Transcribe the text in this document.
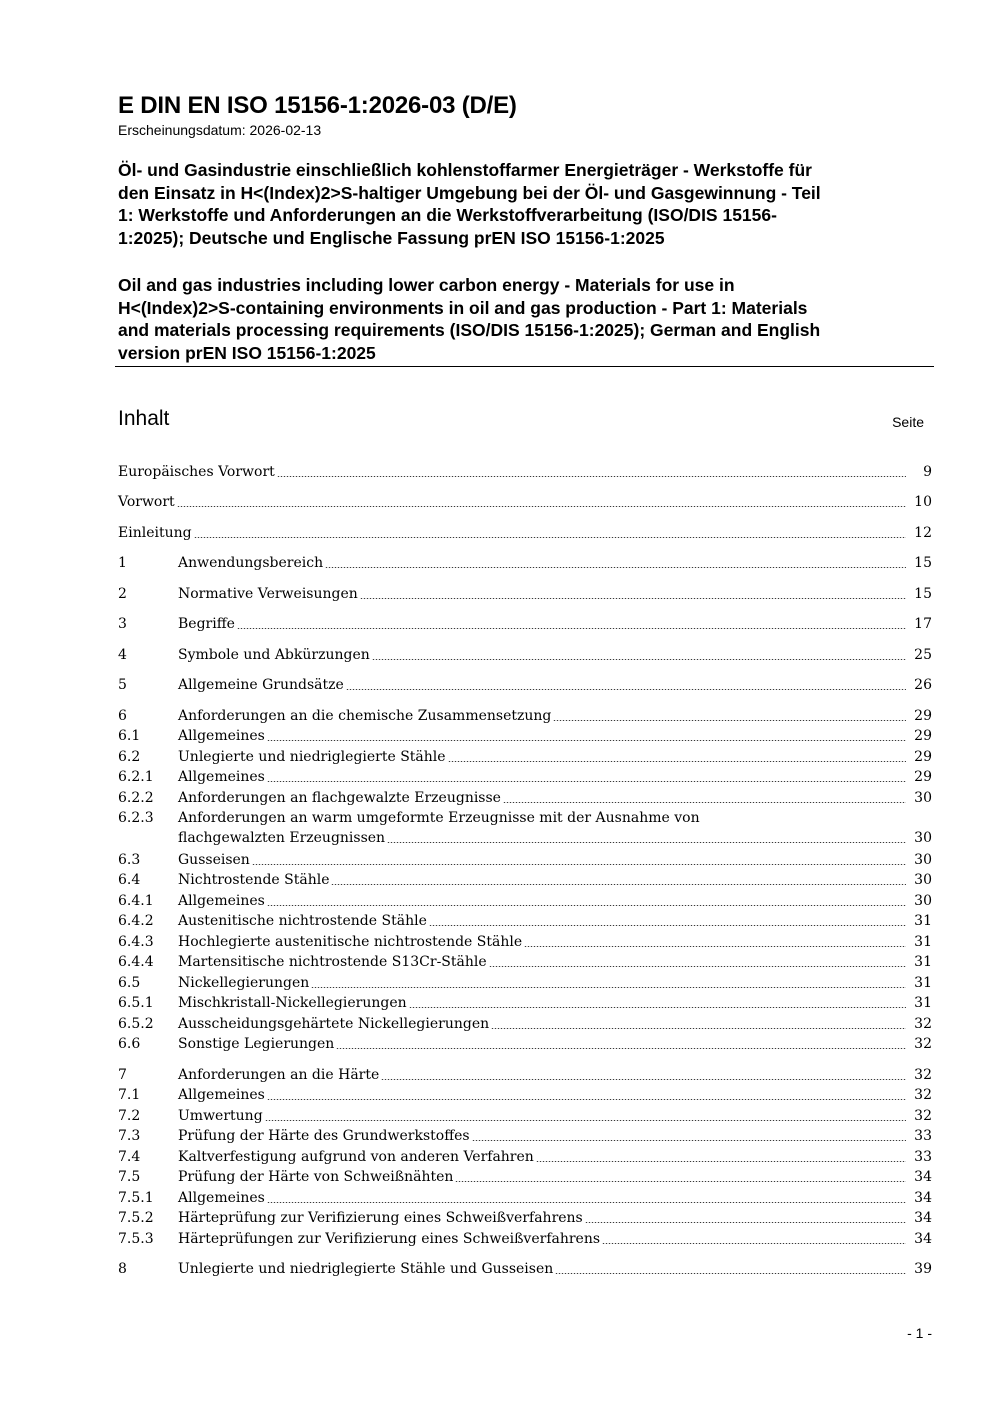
E DIN EN ISO 15156-1:2026-03 (D/E)
Erscheinungsdatum: 2026-02-13
Öl- und Gasindustrie einschließlich kohlenstoffarmer Energieträger - Werkstoffe für
den Einsatz in H<(Index)2>S-haltiger Umgebung bei der Öl- und Gasgewinnung - Teil
1: Werkstoffe und Anforderungen an die Werkstoffverarbeitung (ISO/DIS 15156-
1:2025); Deutsche und Englische Fassung prEN ISO 15156-1:2025
Oil and gas industries including lower carbon energy - Materials for use in
H<(Index)2>S-containing environments in oil and gas production - Part 1: Materials
and materials processing requirements (ISO/DIS 15156-1:2025); German and English
version prEN ISO 15156-1:2025
Inhalt	Seite
Europäisches Vorwort	9
Vorwort	10
Einleitung	12
1	Anwendungsbereich	15
2	Normative Verweisungen	15
3	Begriffe	17
4	Symbole und Abkürzungen	25
5	Allgemeine Grundsätze	26
6	Anforderungen an die chemische Zusammensetzung	29
6.1	Allgemeines	29
6.2	Unlegierte und niedriglegierte Stähle	29
6.2.1	Allgemeines	29
6.2.2	Anforderungen an flachgewalzte Erzeugnisse	30
6.2.3	Anforderungen an warm umgeformte Erzeugnisse mit der Ausnahme von
flachgewalzten Erzeugnissen	30
6.3	Gusseisen	30
6.4	Nichtrostende Stähle	30
6.4.1	Allgemeines	30
6.4.2	Austenitische nichtrostende Stähle	31
6.4.3	Hochlegierte austenitische nichtrostende Stähle	31
6.4.4	Martensitische nichtrostende S13Cr-Stähle	31
6.5	Nickellegierungen	31
6.5.1	Mischkristall-Nickellegierungen	31
6.5.2	Ausscheidungsgehärtete Nickellegierungen	32
6.6	Sonstige Legierungen	32
7	Anforderungen an die Härte	32
7.1	Allgemeines	32
7.2	Umwertung	32
7.3	Prüfung der Härte des Grundwerkstoffes	33
7.4	Kaltverfestigung aufgrund von anderen Verfahren	33
7.5	Prüfung der Härte von Schweißnähten	34
7.5.1	Allgemeines	34
7.5.2	Härteprüfung zur Verifizierung eines Schweißverfahrens	34
7.5.3	Härteprüfungen zur Verifizierung eines Schweißverfahrens	34
8	Unlegierte und niedriglegierte Stähle und Gusseisen	39
- 1 -
